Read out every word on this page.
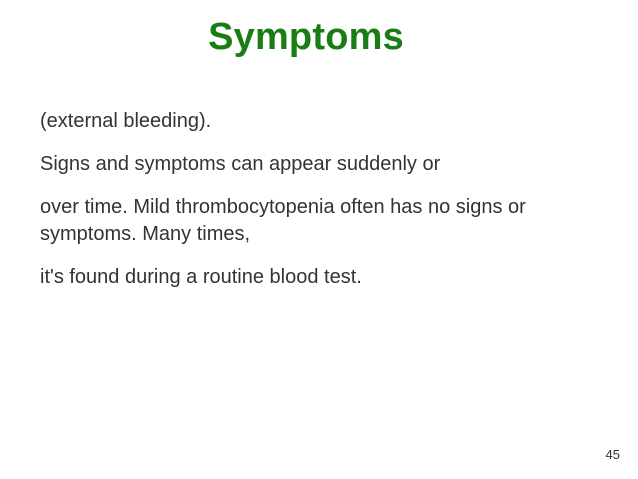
Symptoms

(external bleeding).

Signs and symptoms can appear suddenly or

over time. Mild thrombocytopenia often has no signs or symptoms. Many times,

it's found during a routine blood test.

45
